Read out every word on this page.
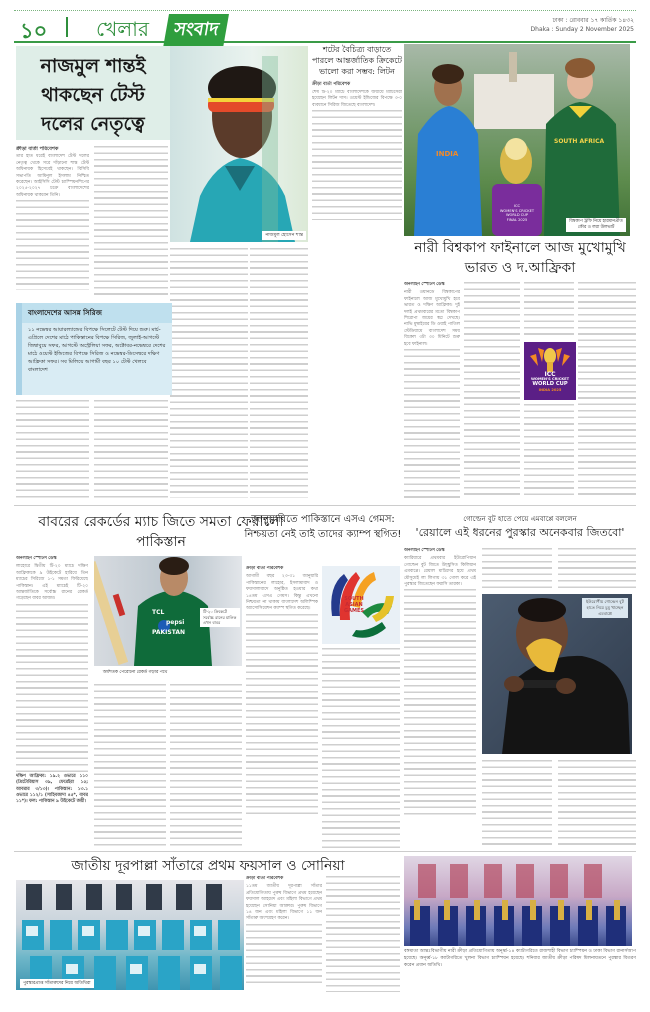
১০ খেলার	সংবাদ	ঢাকা : রোববার ১৭ কার্তিক ১৪৩২
Dhaka : Sunday 2 November 2025
নাজমুল শান্তই থাকছেন টেস্ট দলের নেতৃত্বে
নাজমুল হোসেন শান্ত
ক্রীড়া বার্তা পরিবেশক

তার হাত ধরেই বাংলাদেশ টেস্ট দলের নেতৃত্ব থেকে সরে দাঁড়ানো শান্ত টেস্ট অধিনায়ক হিসেবেই থাকছেন। বিসিবি সভাপতি আমিনুল ইসলাম নিশ্চিত করেছেন। আইসিসি টেস্ট চ্যাম্পিয়নশিপের ২০২৫-২০২৭ চক্রে বাংলাদেশের অধিনায়ক থাকবেন তিনি।

বাংলাদেশের আসন্ন সিরিজ
১১ নভেম্বর আয়ারল্যান্ডের বিপক্ষে সিলেটে টেস্ট দিয়ে শুরু। মার্চ-এপ্রিলে দেশের মাঠে পাকিস্তানের বিপক্ষে সিরিজ, জুলাই-আগস্টে জিম্বাবুয়ে সফর, আগস্টে অস্ট্রেলিয়া সফর, অক্টোবর-নভেম্বরে দেশের মাঠে ওয়েস্ট ইন্ডিজের বিপক্ষে সিরিজ ও নভেম্বর-ডিসেম্বরে দক্ষিণ আফ্রিকা সফর। সব মিলিয়ে আগামী বছর ১০ টেস্ট খেলবে বাংলাদেশ
শটের বৈচিত্র্য বাড়াতে পারলে আন্তর্জাতিক ক্রিকেটে ভালো করা সম্ভব: লিটন
ক্রীড়া বার্তা পরিবেশক

শেষ টি-২০ ম্যাচে বাংলাদেশকে জয়ীয়ে ম্যাচসেরা হয়েছেন লিটন দাস। ওয়েস্ট ইন্ডিজের বিপক্ষে ৩-০ ব্যবধানে সিরিজ জিতেছে বাংলাদেশ।

INDIA
SOUTH AFRICA
ICC
WOMEN'S CRICKET
WORLD CUP
FINAL 2025	বিশ্বকাপ ট্রফি নিয়ে হারমানপ্রীত কৌর ও লরা উলভার্ট
নারী বিশ্বকাপ ফাইনালে আজ মুখোমুখি ভারত ও দ.আফ্রিকা
অনলাইন স্পোর্টস ডেস্ক

নারী ওয়ানডে বিশ্বকাপের ফাইনালে আজ মুখোমুখি হবে ভারত ও দক্ষিণ আফ্রিকা। দুই দলই প্রথমবারের মতো বিশ্বকাপ শিরোপা জয়ের স্বপ্ন দেখছে। নাভি মুম্বাইয়ের ডি ওয়াই পাতিল স্টেডিয়ামে বাংলাদেশ সময় বিকেল ৩টা ৩০ মিনিটে শুরু হবে ফাইনাল।

ICC
WOMEN'S CRICKET
WORLD CUP
INDIA 2025
বাবরের রেকর্ডের ম্যাচ জিতে সমতা ফেরালো পাকিস্তান
অনলাইন স্পোর্টস ডেস্ক

লাহোরে দ্বিতীয় টি-২০ ম্যাচে দক্ষিণ আফ্রিকাকে ৯ উইকেটে হারিয়ে তিন ম্যাচের সিরিজে ১-১ সমতা ফিরিয়েছে পাকিস্তান। এই ম্যাচেই টি-২০ আন্তর্জাতিকে সর্বোচ্চ রানের রেকর্ড গড়েছেন বাবর আজম।

দক্ষিণ আফ্রিকা: ১৯.২ ওভারে ১১০ (প্রিটোরিয়াস ৩৯, ফেরেইরা ১৫; আবরার ৩/১৩)। পাকিস্তান: ১৩.১ ওভারে ১১২/১ (সাহিবজাদা ৪৫*, বাবর ১১*)। ফল: পাকিস্তান ৯ উইকেটে জয়ী।

TCL
pepsi
PAKISTAN
টি-২০ ক্রিকেটে সর্বোচ্চ রানের মালিক এখন বাবর
অর্ধশতক পেরোনো রেকর্ড গড়ার পথে
জানুয়ারিতে পাকিস্তানে এসএ গেমস: নিশ্চয়তা নেই তাই তাদের ক্যাম্প স্থগিত!
ক্রীড়া বার্তা পরিবেশক

আগামী বছর ২৩-৩১ জানুয়ারি পাকিস্তানের লাহোর, ইসলামাবাদ ও ফয়সালাবাদে অনুষ্ঠিত হওয়ার কথা ১৪তম এসএ গেমস। কিন্তু এখনো নিশ্চয়তা না থাকায় বাংলাদেশ অলিম্পিক অ্যাসোসিয়েশন ক্যাম্প স্থগিত করেছে।

SOUTH
ASIAN
GAMES
গোল্ডেন বুট হাতে পেয়ে এমবাপ্পে বললেন
'রেয়ালে এই ধরনের পুরস্কার অনেকবার জিতবো'
অনলাইন স্পোর্টস ডেস্ক

ক্যারিয়ারে প্রথমবার ইউরোপিয়ান গোল্ডেন বুট জিতে উচ্ছ্বসিত কিলিয়ান এমবাপ্পে। রেয়াল মাদ্রিদের হয়ে প্রথম মৌসুমেই লা লিগায় ৩১ গোল করে এই পুরস্কার জিতেছেন ফরাসি তারকা।

ইউরোপীয় গোল্ডেন বুট হাতে নিয়ে চুমু খাচ্ছেন এমবাপ্পে
জাতীয় দূরপাল্লা সাঁতারে প্রথম ফয়সাল ও সোনিয়া
পুরস্কারপ্রাপ্ত সাঁতারুদের নিয়ে অতিথিরা
ক্রীড়া বার্তা পরিবেশক

১১তম জাতীয় দূরপাল্লা সাঁতার প্রতিযোগিতায় পুরুষ বিভাগে প্রথম হয়েছেন ফয়সাল আহমেদ এবং মহিলা বিভাগে প্রথম হয়েছেন সোনিয়া আক্তার। পুরুষ বিভাগে ১৪ জন এবং মহিলা বিভাগে ১১ জন সাঁতারু অংশগ্রহণ করেন।

বঙ্গমাতা আন্তঃবিভাগীয় নারী ক্রীড়া প্রতিযোগিতায় অনূর্ধ্ব-১৪ ক্যাটাগরিতে রাজশাহী বিভাগ চ্যাম্পিয়ন ও ঢাকা বিভাগ রানার্সআপ হয়েছে। অনূর্ধ্ব-১৮ ক্যাটাগরিতে খুলনা বিভাগ চ্যাম্পিয়ন হয়েছে। শনিবার জাতীয় ক্রীড়া পরিষদ মিলনায়তনে পুরস্কার বিতরণ করেন প্রধান অতিথি।
